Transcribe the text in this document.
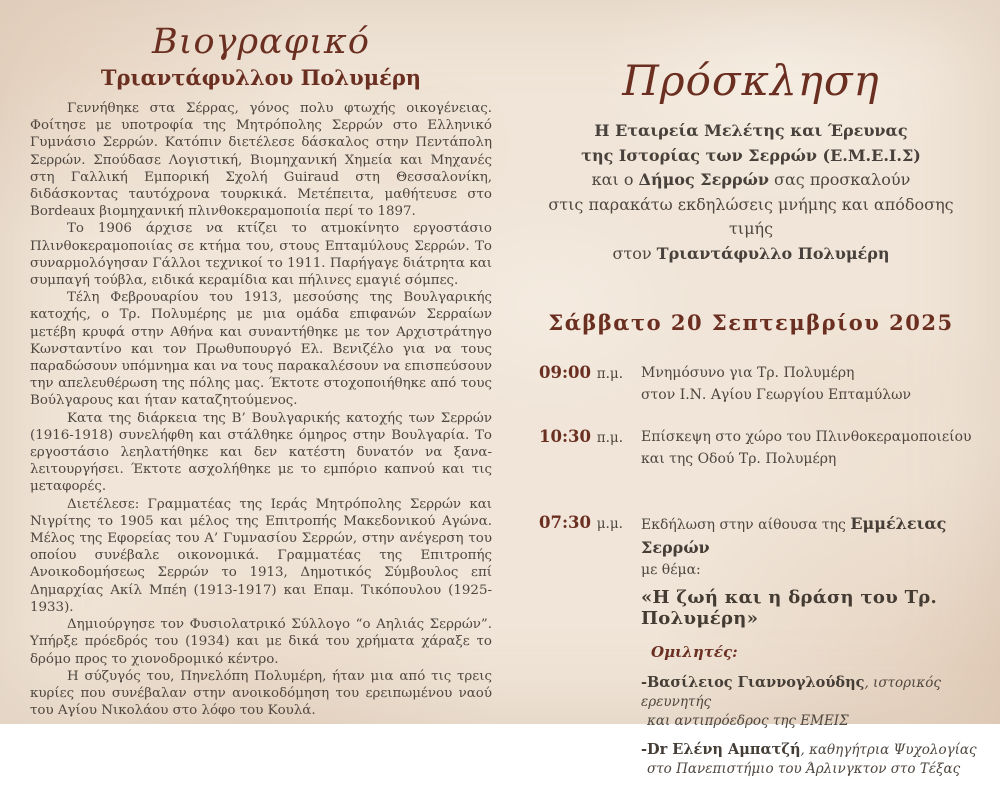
Βιογραφικό
Τριαντάφυλλου Πολυμέρη

Γεννήθηκε στα Σέρρας, γόνος πολυ φτωχής οικογένειας. Φοίτησε με υποτροφία της Μητρόπολης Σερρών στο Ελληνικό Γυμνάσιο Σερρών. Κατόπιν διετέλεσε δάσκαλος στην Πεντάπολη Σερρών. Σπούδασε Λογιστική, Βιομηχανική Χημεία και Μηχανές στη Γαλλική Εμπορική Σχολή Guiraud στη Θεσσαλονίκη, διδάσκοντας ταυτόχρονα τουρκικά. Μετέπειτα, μαθήτευσε στο Bordeaux βιομηχανική πλινθοκεραμοποιία περί το 1897.

Το 1906 άρχισε να κτίζει το ατμοκίνητο εργοστάσιο Πλινθοκεραμοποιίας σε κτήμα του, στους Επταμύλους Σερρών. Το συναρμολόγησαν Γάλλοι τεχνικοί το 1911. Παρήγαγε διάτρητα και συμπαγή τούβλα, ειδικά κεραμίδια και πήλινες εμαγιέ σόμπες.

Τέλη Φεβρουαρίου του 1913, μεσούσης της Βουλγαρικής κατοχής, ο Τρ. Πολυμέρης με μια ομάδα επιφανών Σερραίων μετέβη κρυφά στην Αθήνα και συναντήθηκε με τον Αρχιστράτηγο Κωνσταντίνο και τον Πρωθυπουργό Ελ. Βενιζέλο για να τους παραδώσουν υπόμνημα και να τους παρακαλέσουν να επισπεύσουν την απελευθέρωση της πόλης μας. Έκτοτε στοχοποιήθηκε από τους Βούλγαρους και ήταν καταζητούμενος.

Κατα της διάρκεια της Β’ Βουλγαρικής κατοχής των Σερρών (1916-1918) συνελήφθη και στάλθηκε όμηρος στην Βουλγαρία. Το εργοστάσιο λεηλατήθηκε και δεν κατέστη δυνατόν να ξανα-λειτουργήσει. Έκτοτε ασχολήθηκε με το εμπόριο καπνού και τις μεταφορές.

Διετέλεσε: Γραμματέας της Ιεράς Μητρόπολης Σερρών και Νιγρίτης το 1905 και μέλος της Επιτροπής Μακεδονικού Αγώνα. Μέλος της Εφορείας του Α’ Γυμνασίου Σερρών, στην ανέγερση του οποίου συνέβαλε οικονομικά. Γραμματέας της Επιτροπής Ανοικοδομήσεως Σερρών το 1913, Δημοτικός Σύμβουλος επί Δημαρχίας Ακίλ Μπέη (1913-1917) και Επαμ. Τικόπουλου (1925-1933).

Δημιούργησε τον Φυσιολατρικό Σύλλογο “ο Αηλιάς Σερρών”. Υπήρξε πρόεδρός του (1934) και με δικά του χρήματα χάραξε το δρόμο προς το χιονοδρομικό κέντρο.

Η σύζυγός του, Πηνελόπη Πολυμέρη, ήταν μια από τις τρεις κυρίες που συνέβαλαν στην ανοικοδόμηση του ερειπωμένου ναού του Αγίου Νικολάου στο λόφο του Κουλά.

Πρόσκληση
Η Εταιρεία Μελέτης και Έρευνας
της Ιστορίας των Σερρών (Ε.Μ.Ε.Ι.Σ)
και ο Δήμος Σερρών σας προσκαλούν
στις παρακάτω εκδηλώσεις μνήμης και απόδοσης τιμής
στον Τριαντάφυλλο Πολυμέρη
Σάββατο 20 Σεπτεμβρίου 2025
09:00 π.μ.	Μνημόσυνο για Τρ. Πολυμέρη
στον Ι.Ν. Αγίου Γεωργίου Επταμύλων
10:30 π.μ.	Επίσκεψη στο χώρο του Πλινθοκεραμοποιείου
και της Οδού Τρ. Πολυμέρη
07:30 μ.μ.	Εκδήλωση στην αίθουσα της Εμμέλειας Σερρών
με θέμα:
«Η ζωή και η δράση του Τρ. Πολυμέρη»
Ομιλητές:
-Βασίλειος Γιαννογλούδης, ιστορικός ερευνητής
και αντιπρόεδρος της ΕΜΕΙΣ
-Dr Ελένη Αμπατζή, καθηγήτρια Ψυχολογίας
στο Πανεπιστήμιο του Άρλινγκτον στο Τέξας
